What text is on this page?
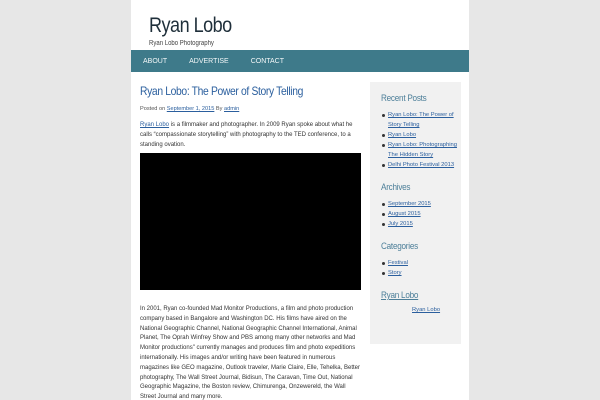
Ryan Lobo
Ryan Lobo Photography
ABOUT	ADVERTISE	CONTACT
Ryan Lobo: The Power of Story Telling
Posted on September 1, 2015 By admin

Ryan Lobo is a filmmaker and photographer. In 2009 Ryan spoke about what he calls “compassionate storytelling” with photography to the TED conference, to a standing ovation.

In 2001, Ryan co-founded Mad Monitor Productions, a film and photo production company based in Bangalore and Washington DC. His films have aired on the National Geographic Channel, National Geographic Channel International, Animal Planet, The Oprah Winfrey Show and PBS among many other networks and Mad Monitor productions" currently manages and produces film and photo expeditions internationally. His images and/or writing have been featured in numerous magazines like GEO magazine, Outlook traveler, Marie Claire, Elle, Tehelka, Better photography, The Wall Street Journal, Bidisun, The Caravan, Time Out, National Geographic Magazine, the Boston review, Chimurenga, Onzewereld, the Wall Street Journal and many more.

Recent Posts
Ryan Lobo: The Power of Story Telling
Ryan Lobo
Ryan Lobo: Photographing The Hidden Story
Delhi Photo Festival 2013
Archives
September 2015
August 2015
July 2015
Categories
Festival
Story
Ryan Lobo
Ryan Lobo
